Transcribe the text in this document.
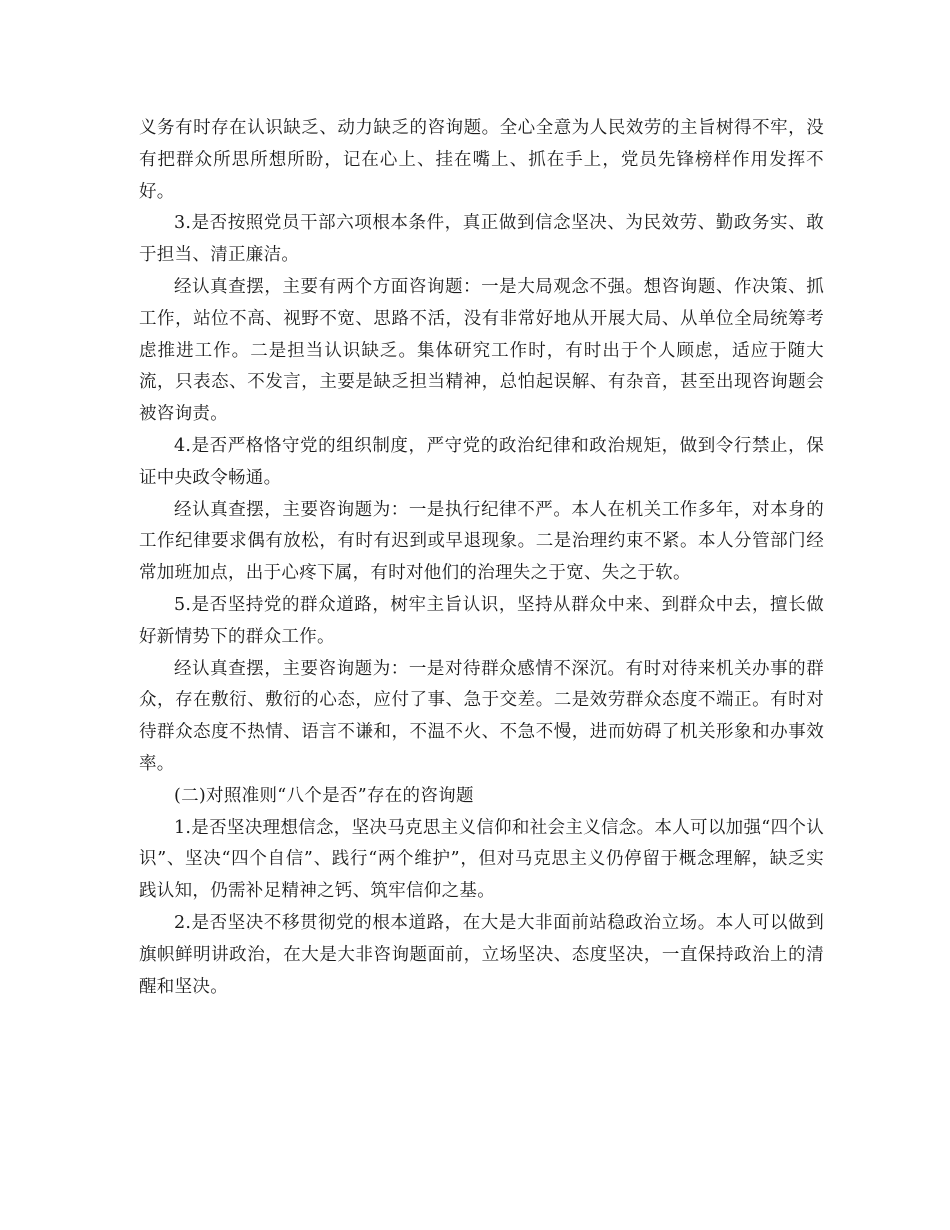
义务有时存在认识缺乏、动力缺乏的咨询题。全心全意为人民效劳的主旨树得不牢，没有把群众所思所想所盼，记在心上、挂在嘴上、抓在手上，党员先锋榜样作用发挥不好。

3.是否按照党员干部六项根本条件，真正做到信念坚决、为民效劳、勤政务实、敢于担当、清正廉洁。

经认真查摆，主要有两个方面咨询题：一是大局观念不强。想咨询题、作决策、抓工作，站位不高、视野不宽、思路不活，没有非常好地从开展大局、从单位全局统筹考虑推进工作。二是担当认识缺乏。集体研究工作时，有时出于个人顾虑，适应于随大流，只表态、不发言，主要是缺乏担当精神，总怕起误解、有杂音，甚至出现咨询题会被咨询责。

4.是否严格恪守党的组织制度，严守党的政治纪律和政治规矩，做到令行禁止，保证中央政令畅通。

经认真查摆，主要咨询题为：一是执行纪律不严。本人在机关工作多年，对本身的工作纪律要求偶有放松，有时有迟到或早退现象。二是治理约束不紧。本人分管部门经常加班加点，出于心疼下属，有时对他们的治理失之于宽、失之于软。

5.是否坚持党的群众道路，树牢主旨认识，坚持从群众中来、到群众中去，擅长做好新情势下的群众工作。

经认真查摆，主要咨询题为：一是对待群众感情不深沉。有时对待来机关办事的群众，存在敷衍、敷衍的心态，应付了事、急于交差。二是效劳群众态度不端正。有时对待群众态度不热情、语言不谦和，不温不火、不急不慢，进而妨碍了机关形象和办事效率。

(二)对照准则“八个是否”存在的咨询题

1.是否坚决理想信念，坚决马克思主义信仰和社会主义信念。本人可以加强“四个认识”、坚决“四个自信”、践行“两个维护”，但对马克思主义仍停留于概念理解，缺乏实践认知，仍需补足精神之钙、筑牢信仰之基。

2.是否坚决不移贯彻党的根本道路，在大是大非面前站稳政治立场。本人可以做到旗帜鲜明讲政治，在大是大非咨询题面前，立场坚决、态度坚决，一直保持政治上的清醒和坚决。
